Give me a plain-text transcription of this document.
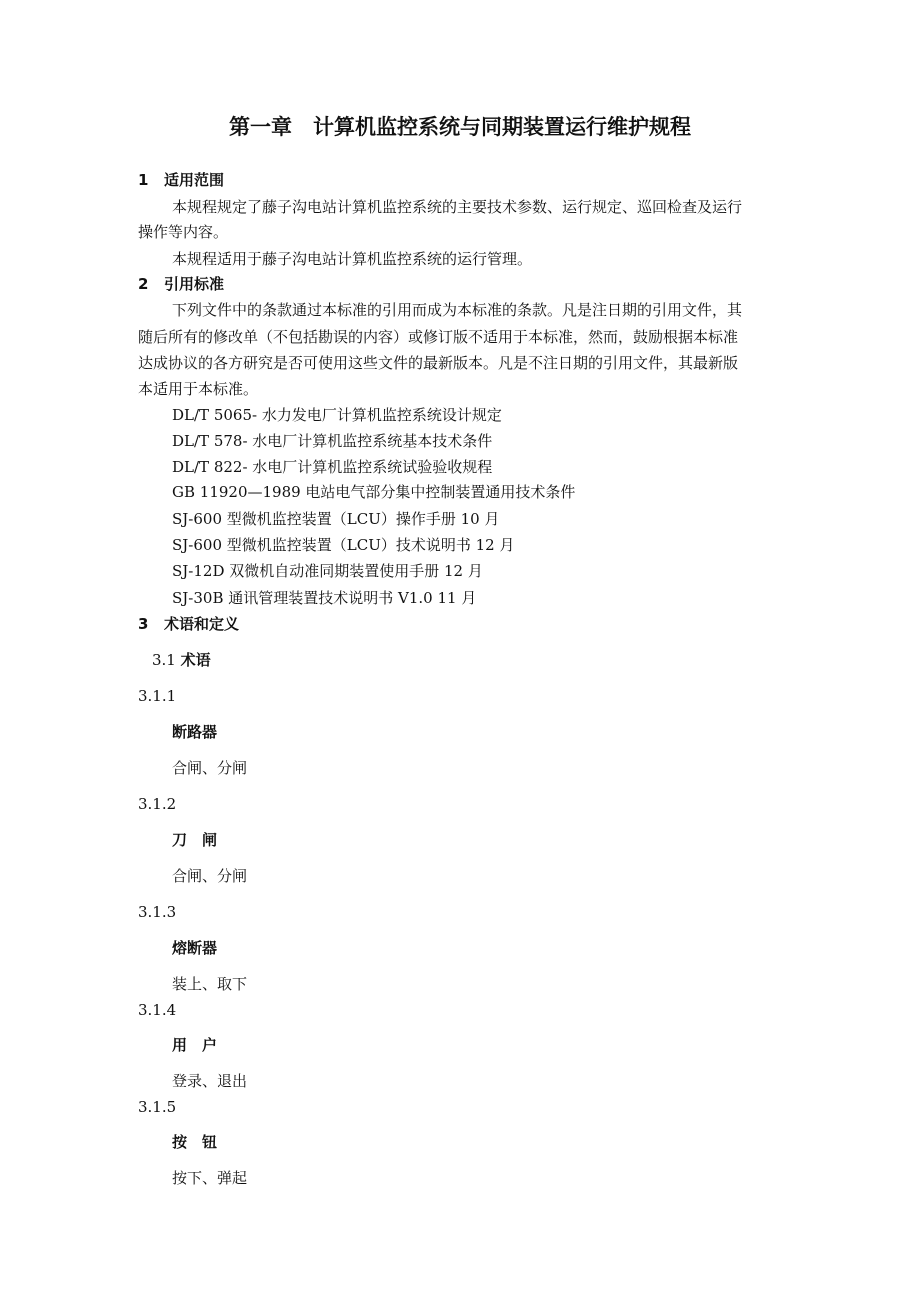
第一章　计算机监控系统与同期装置运行维护规程
1 适用范围
本规程规定了藤子沟电站计算机监控系统的主要技术参数、运行规定、巡回检查及运行
操作等内容。
本规程适用于藤子沟电站计算机监控系统的运行管理。
2 引用标准
下列文件中的条款通过本标准的引用而成为本标准的条款。凡是注日期的引用文件，其
随后所有的修改单（不包括勘误的内容）或修订版不适用于本标准，然而，鼓励根据本标准
达成协议的各方研究是否可使用这些文件的最新版本。凡是不注日期的引用文件，其最新版
本适用于本标准。
DL/T 5065- 水力发电厂计算机监控系统设计规定
DL/T 578- 水电厂计算机监控系统基本技术条件
DL/T 822- 水电厂计算机监控系统试验验收规程
GB 11920—1989 电站电气部分集中控制装置通用技术条件
SJ-600 型微机监控装置（LCU）操作手册 10 月
SJ-600 型微机监控装置（LCU）技术说明书 12 月
SJ-12D 双微机自动准同期装置使用手册 12 月
SJ-30B 通讯管理装置技术说明书 V1.0 11 月
3 术语和定义
3.1 术语
3.1.1
断路器
合闸、分闸
3.1.2
刀　闸
合闸、分闸
3.1.3
熔断器
装上、取下
3.1.4
用　户
登录、退出
3.1.5
按　钮
按下、弹起
